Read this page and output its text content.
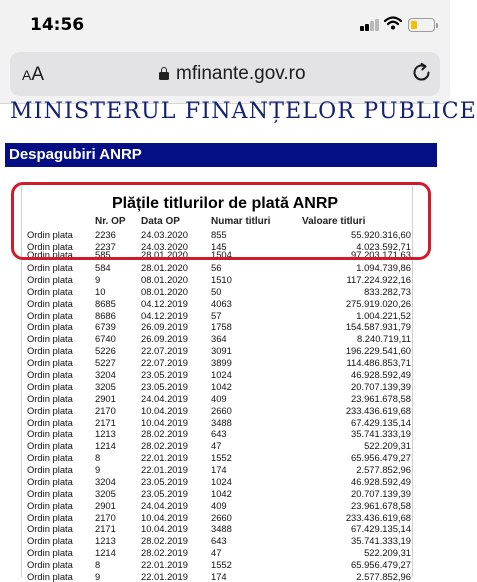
14:56
AA	mfinante.gov.ro
MINISTERUL FINANȚELOR PUBLICE
Despagubiri ANRP
Plățile titlurilor de plată ANRP
Nr. OP Data OP	Numar titluri	Valoare titluri
Ordin plata 2236	24.03.2020 855	55.920.316,60
Ordin plata 2237	24.03.2020 145	4.023.592,71
Ordin plata 585	28.01.2020 1504	97.203.171,63
Ordin plata 584	28.01.2020 56	1.094.739,86
Ordin plata 9	08.01.2020 1510	117.224.922,16
Ordin plata 10	08.01.2020 50	833.282,73
Ordin plata 8685	04.12.2019 4063	275.919.020,26
Ordin plata 8686	04.12.2019 57	1.004.221,52
Ordin plata 6739	26.09.2019 1758	154.587.931,79
Ordin plata 6740	26.09.2019 364	8.240.719,11
Ordin plata 5226	22.07.2019 3091	196.229.541,60
Ordin plata 5227	22.07.2019 3899	114.486.853,71
Ordin plata 3204	23.05.2019 1024	46.928.592,49
Ordin plata 3205	23.05.2019 1042	20.707.139,39
Ordin plata 2901	24.04.2019 409	23.961.678,58
Ordin plata 2170	10.04.2019 2660	233.436.619,68
Ordin plata 2171	10.04.2019 3488	67.429.135,14
Ordin plata 1213	28.02.2019 643	35.741.333,19
Ordin plata 1214	28.02.2019 47	522.209,31
Ordin plata 8	22.01.2019 1552	65.956.479,27
Ordin plata 9	22.01.2019 174	2.577.852,96
Ordin plata 3204	23.05.2019 1024	46.928.592,49
Ordin plata 3205	23.05.2019 1042	20.707.139,39
Ordin plata 2901	24.04.2019 409	23.961.678,58
Ordin plata 2170	10.04.2019 2660	233.436.619,68
Ordin plata 2171	10.04.2019 3488	67.429.135,14
Ordin plata 1213	28.02.2019 643	35.741.333,19
Ordin plata 1214	28.02.2019 47	522.209,31
Ordin plata 8	22.01.2019 1552	65.956.479,27
Ordin plata 9	22.01.2019 174	2.577.852,96
